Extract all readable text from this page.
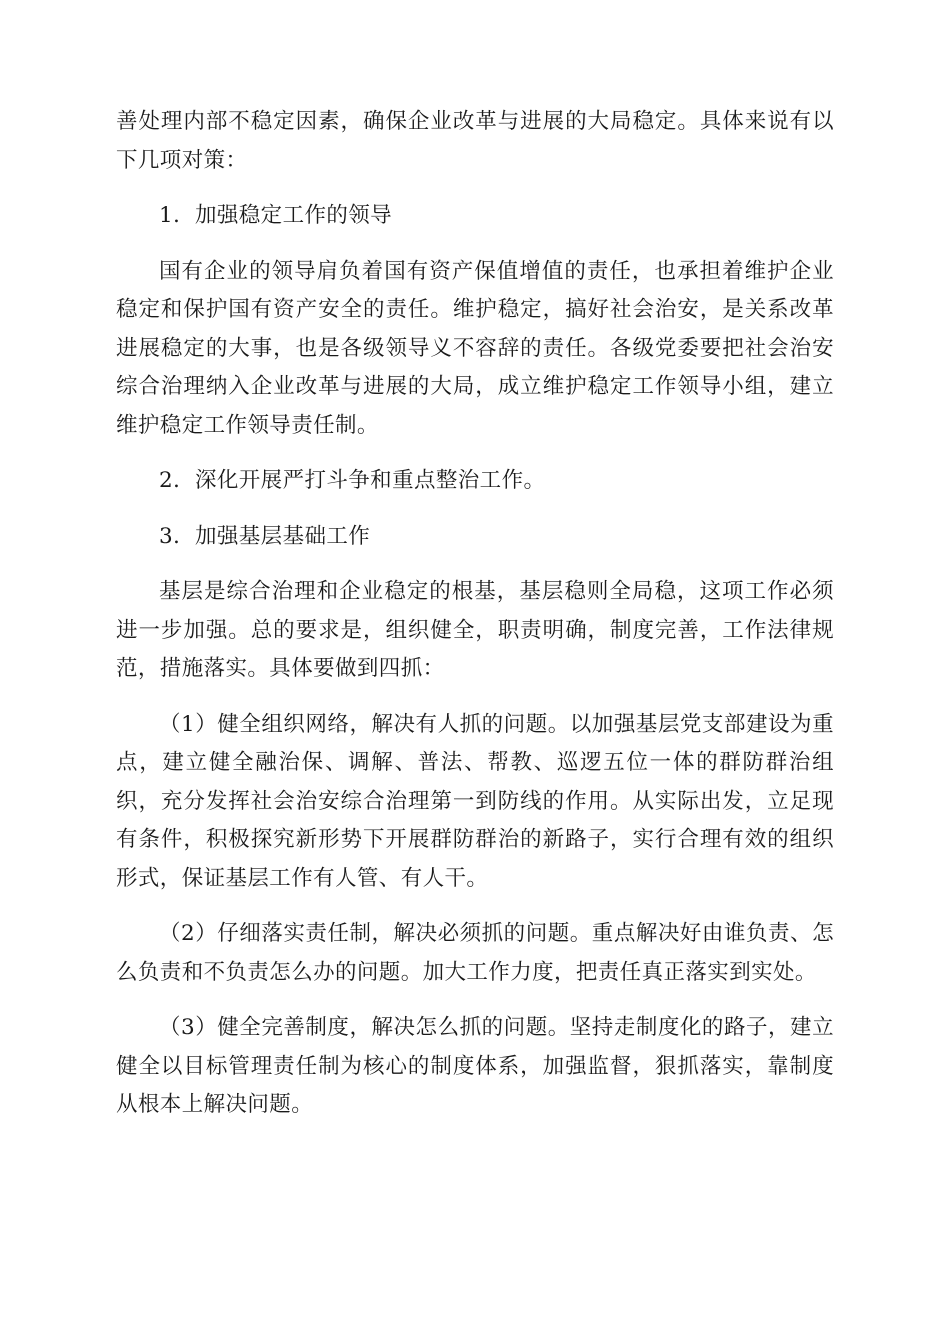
善处理内部不稳定因素，确保企业改革与进展的大局稳定。具体来说有以下几项对策：

1．加强稳定工作的领导

国有企业的领导肩负着国有资产保值增值的责任，也承担着维护企业稳定和保护国有资产安全的责任。维护稳定，搞好社会治安，是关系改革进展稳定的大事，也是各级领导义不容辞的责任。各级党委要把社会治安综合治理纳入企业改革与进展的大局，成立维护稳定工作领导小组，建立维护稳定工作领导责任制。

2．深化开展严打斗争和重点整治工作。

3．加强基层基础工作

基层是综合治理和企业稳定的根基，基层稳则全局稳，这项工作必须进一步加强。总的要求是，组织健全，职责明确，制度完善，工作法律规范，措施落实。具体要做到四抓：

（1）健全组织网络，解决有人抓的问题。以加强基层党支部建设为重点，建立健全融治保、调解、普法、帮教、巡逻五位一体的群防群治组织，充分发挥社会治安综合治理第一到防线的作用。从实际出发，立足现有条件，积极探究新形势下开展群防群治的新路子，实行合理有效的组织形式，保证基层工作有人管、有人干。

（2）仔细落实责任制，解决必须抓的问题。重点解决好由谁负责、怎么负责和不负责怎么办的问题。加大工作力度，把责任真正落实到实处。

（3）健全完善制度，解决怎么抓的问题。坚持走制度化的路子，建立健全以目标管理责任制为核心的制度体系，加强监督，狠抓落实，靠制度从根本上解决问题。
